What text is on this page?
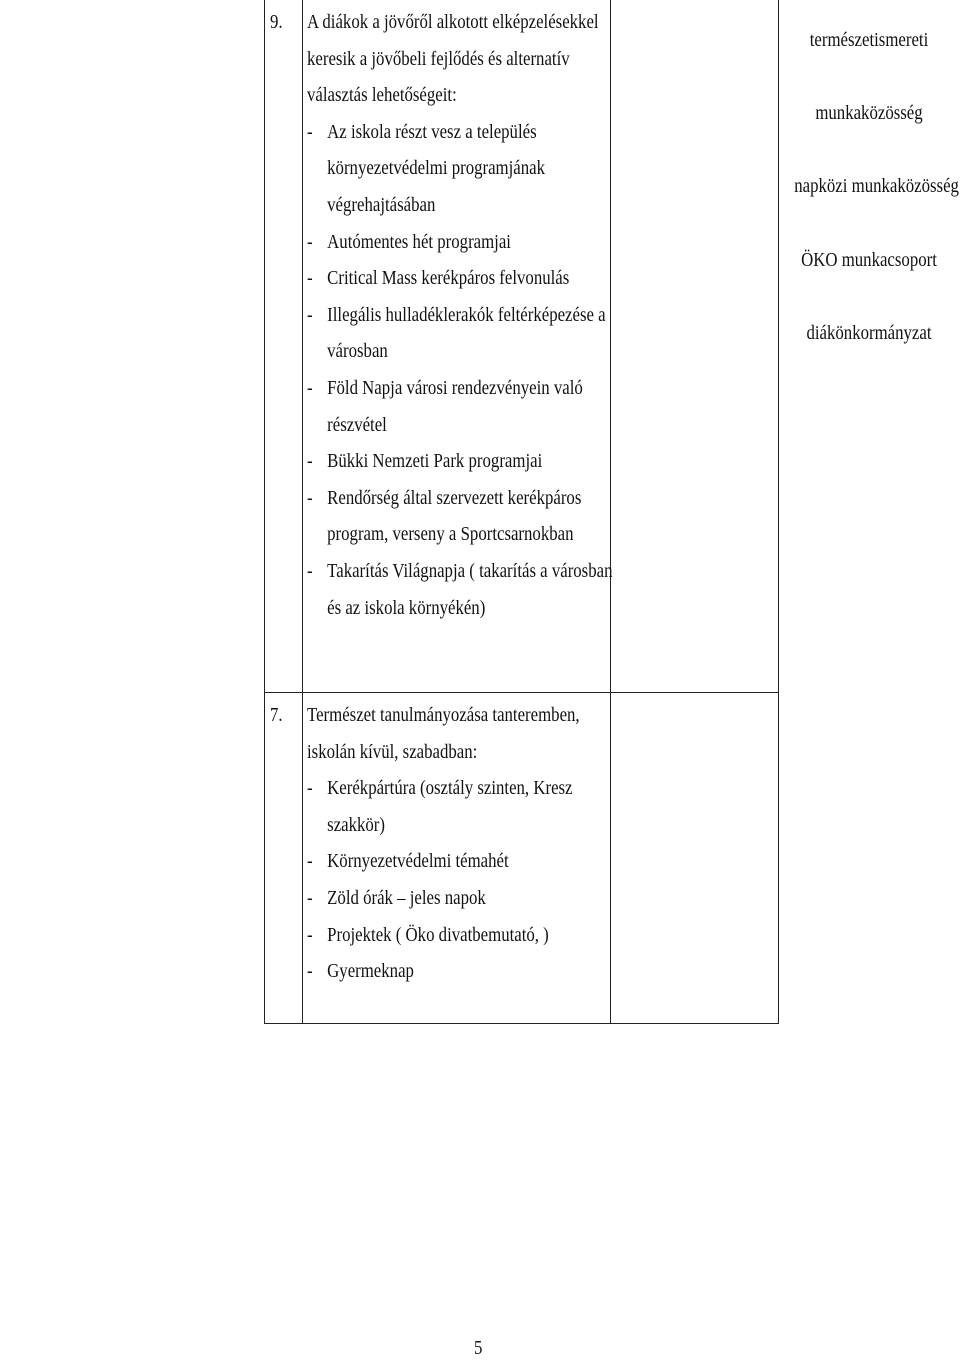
9. A diákok a jövőről alkotott elképzelésekkel
keresik a jövőbeli fejlődés és alternatív
választás lehetőségeit:
- Az iskola részt vesz a település
környezetvédelmi programjának
végrehajtásában
- Autómentes hét programjai
- Critical Mass kerékpáros felvonulás
- Illegális hulladéklerakók feltérképezése a
városban
- Föld Napja városi rendezvényein való
részvétel
- Bükki Nemzeti Park programjai
- Rendőrség által szervezett kerékpáros
program, verseny a Sportcsarnokban
- Takarítás Világnapja ( takarítás a városban
és az iskola környékén)
természetismereti
munkaközösség
napközi munkaközösség
ÖKO munkacsoport
diákönkormányzat
7. Természet tanulmányozása tanteremben,
iskolán kívül, szabadban:
- Kerékpártúra (osztály szinten, Kresz
szakkör)
- Környezetvédelmi témahét
- Zöld órák – jeles napok
- Projektek ( Öko divatbemutató, )
- Gyermeknap
5
